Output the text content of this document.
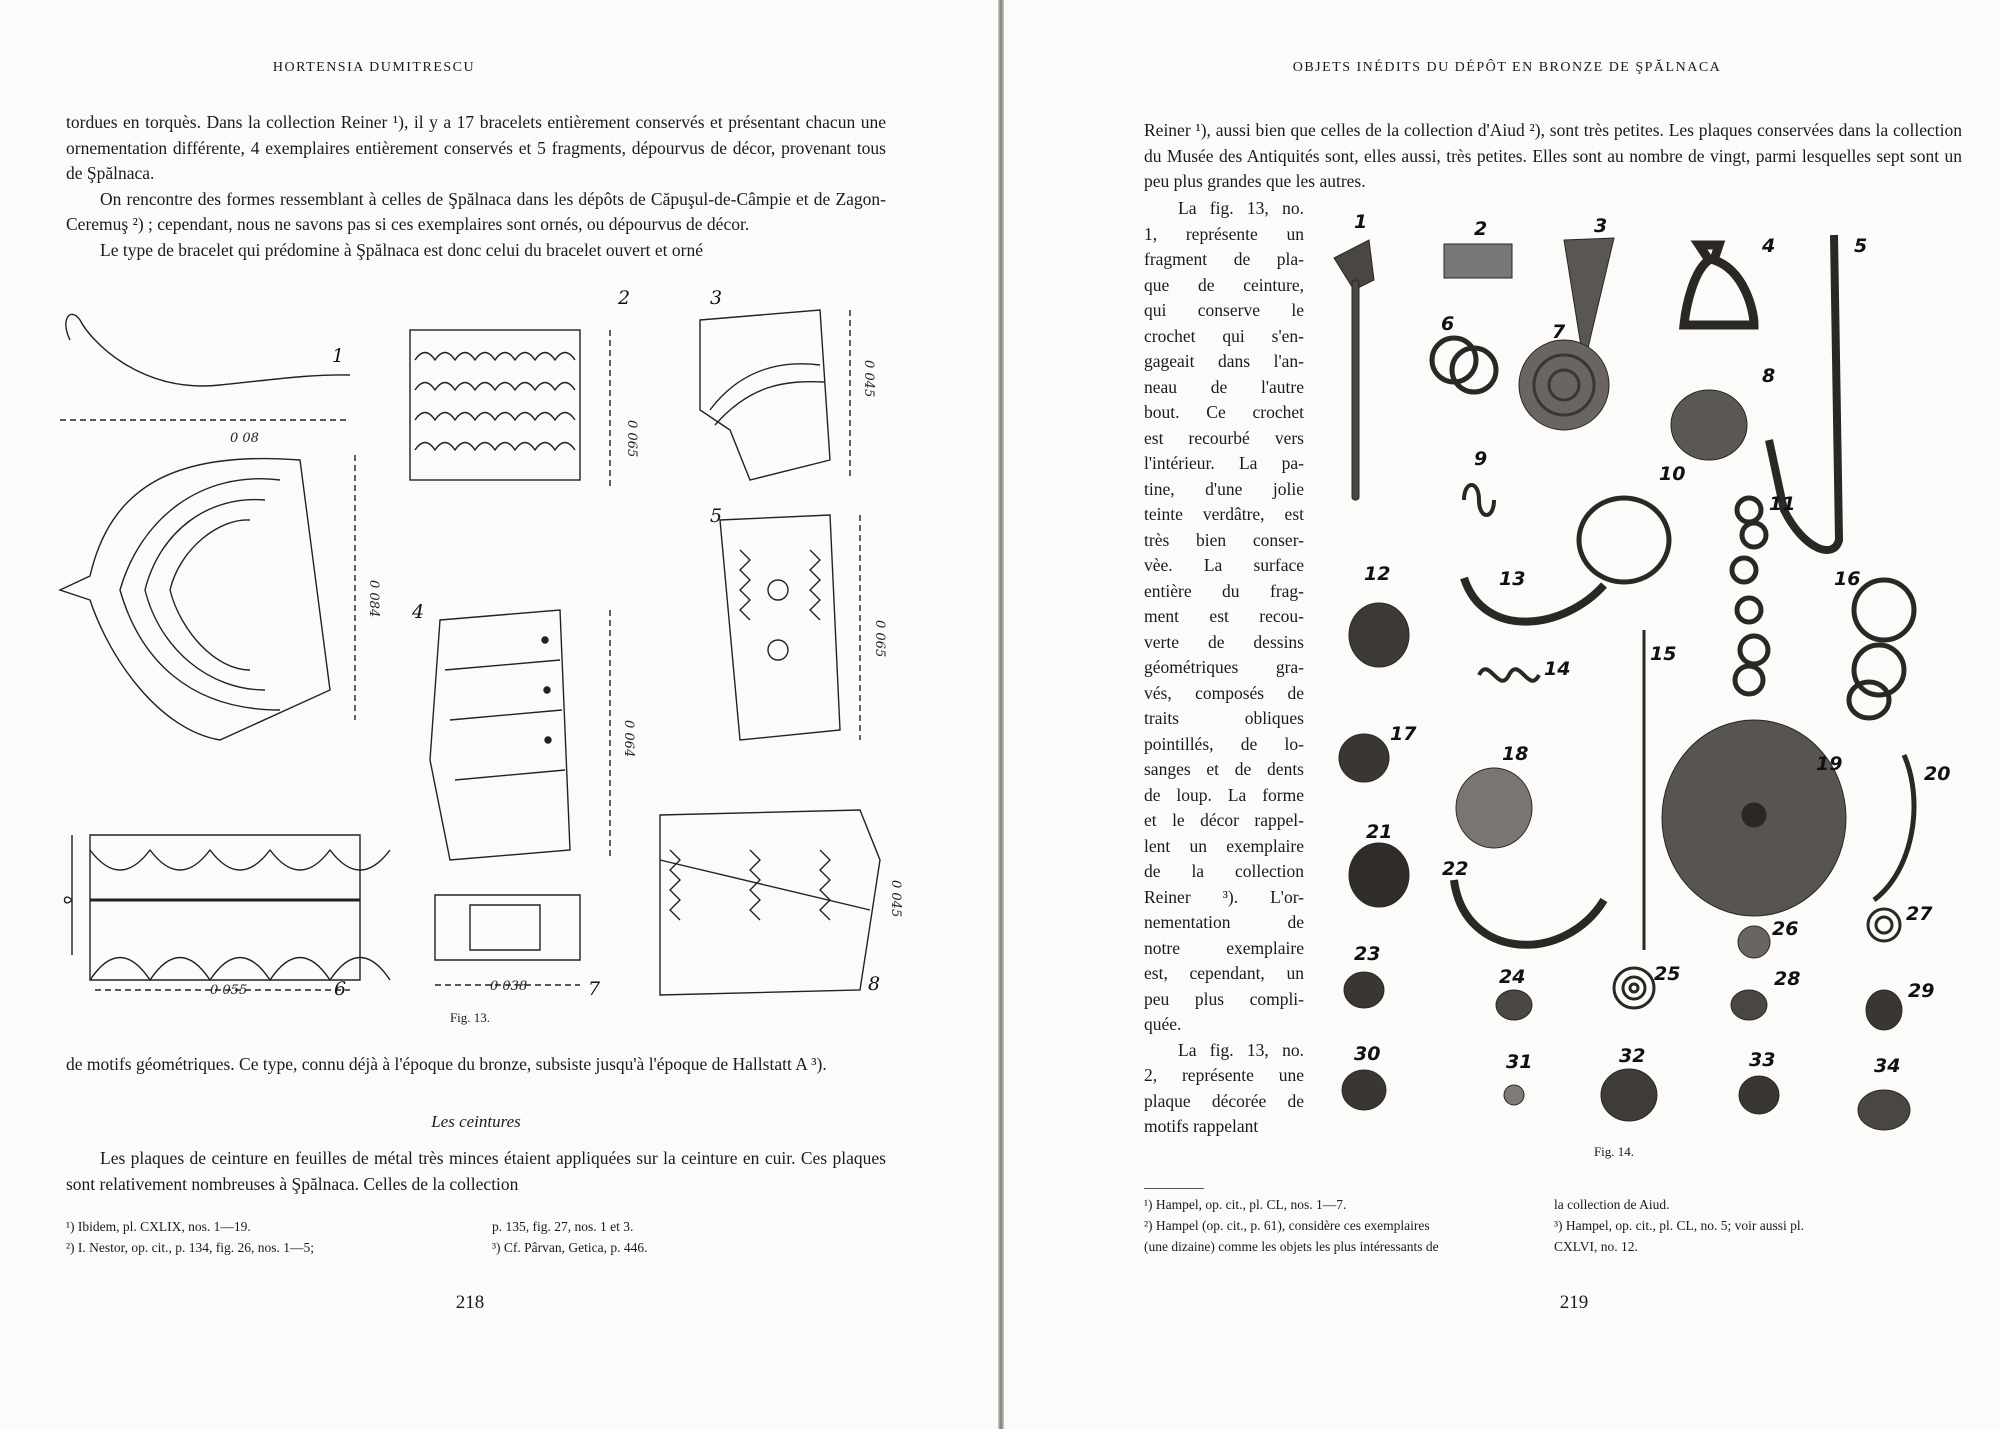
HORTENSIA DUMITRESCU

tordues en torquès. Dans la collection Reiner ¹), il y a 17 bracelets entièrement conservés et présentant chacun une ornementation différente, 4 exemplaires entièrement conservés et 5 fragments, dépourvus de décor, provenant tous de Şpălnaca.

On rencontre des formes ressemblant à celles de Şpălnaca dans les dépôts de Căpuşul-de-Câmpie et de Zagon-Ceremuş ²) ; cependant, nous ne savons pas si ces exemplaires sont ornés, ou dépourvus de décor.

Le type de bracelet qui prédomine à Şpălnaca est donc celui du bracelet ouvert et orné

1
2	3
4
5
6	7	8
0 08	0 065
0 045
0 084
0 064
0 065
0 055	0 038
0 045
Fig. 13.

de motifs géométriques. Ce type, connu déjà à l'époque du bronze, subsiste jusqu'à l'époque de Hallstatt A ³).

Les ceintures

Les plaques de ceinture en feuilles de métal très minces étaient appliquées sur la ceinture en cuir. Ces plaques sont relativement nombreuses à Şpălnaca. Celles de la collection

¹) Ibidem, pl. CXLIX, nos. 1—19.

²) I. Nestor, op. cit., p. 134, fig. 26, nos. 1—5;

p. 135, fig. 27, nos. 1 et 3.

³) Cf. Pârvan, Getica, p. 446.

218
OBJETS INÉDITS DU DÉPÔT EN BRONZE DE ŞPĂLNACA

Reiner ¹), aussi bien que celles de la collection d'Aiud ²), sont très petites. Les plaques conservées dans la collection du Musée des Antiquités sont, elles aussi, très petites. Elles sont au nombre de vingt, parmi lesquelles sept sont un peu plus grandes que les autres.

La fig. 13, no.
1, représente un
fragment de pla-
que de ceinture,
qui conserve le
crochet qui s'en-
gageait dans l'an-
neau de l'autre
bout. Ce crochet
est recourbé vers
l'intérieur. La pa-
tine, d'une jolie
teinte verdâtre, est
très bien conser-
vèe. La surface
entière du frag-
ment est recou-
verte de dessins
géométriques gra-
vés, composés de
traits obliques
pointillés, de lo-
sanges et de dents
de loup. La forme
et le décor rappel-
lent un exemplaire
de la collection
Reiner ³). L'or-
nementation de
notre exemplaire
est, cependant, un
peu plus compli-
quée.
La fig. 13, no.
2, représente une
plaque décorée de
motifs rappelant
1	2	3
4	5
6	7
8
9
10
11
12	13
14
15
16
17
18	19	20
21
22
23
24	25
26
27
28
29
30	31	32	33	34
Fig. 14.

¹) Hampel, op. cit., pl. CL, nos. 1—7.

²) Hampel (op. cit., p. 61), considère ces exemplaires

(une dizaine) comme les objets les plus intéressants de

la collection de Aiud.

³) Hampel, op. cit., pl. CL, no. 5; voir aussi pl.

CXLVI, no. 12.

219
